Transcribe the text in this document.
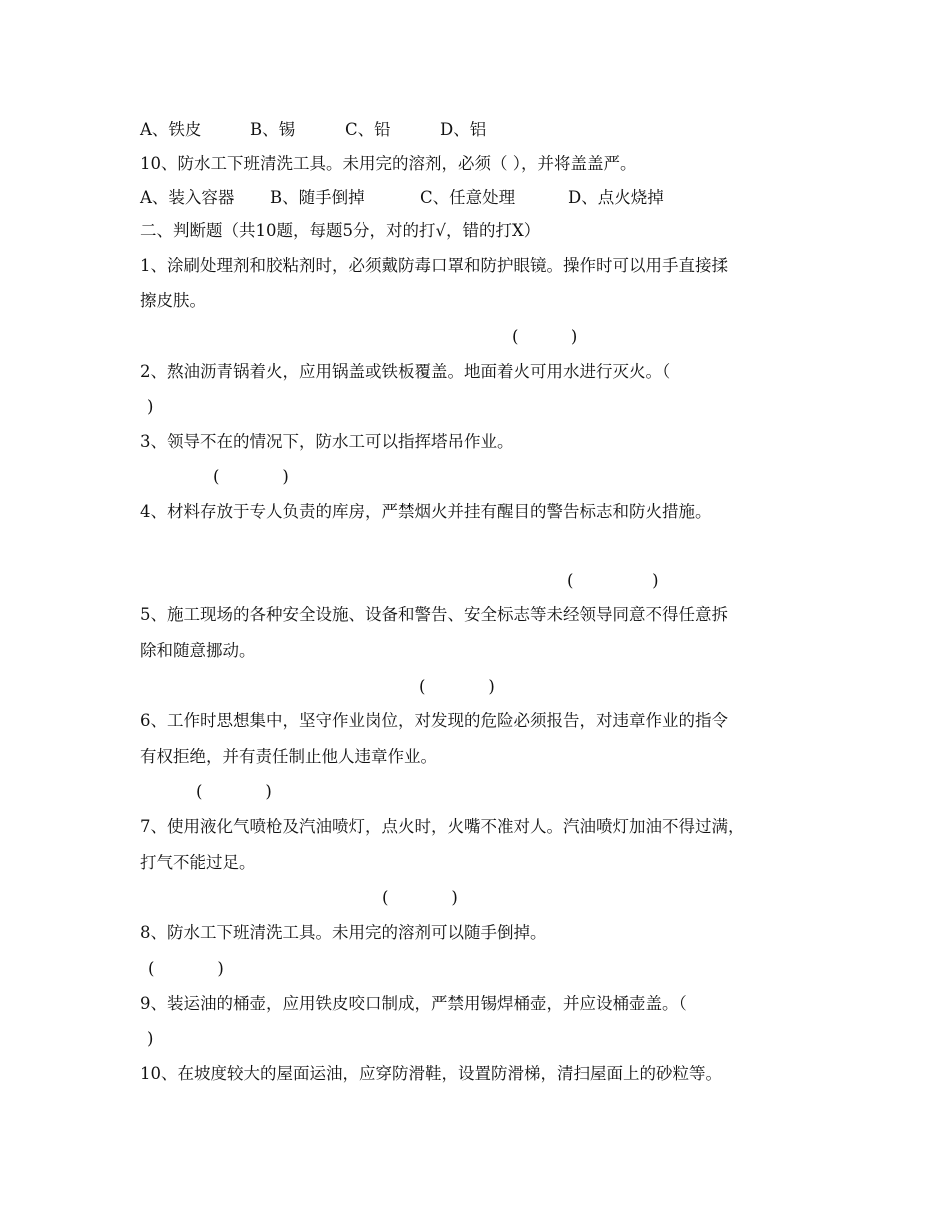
A、铁皮	B、锡	C、铅	D、铝
10、防水工下班清洗工具。未用完的溶剂，必须（ ），并将盖盖严。
A、装入容器 B、随手倒掉	C、任意处理	D、点火烧掉
二、判断题（共10题，每题5分，对的打√，错的打X）
1、涂刷处理剂和胶粘剂时，必须戴防毒口罩和防护眼镜。操作时可以用手直接揉
擦皮肤。
(          )
2、熬油沥青锅着火，应用锅盖或铁板覆盖。地面着火可用水进行灭火。（
)
3、领导不在的情况下，防水工可以指挥塔吊作业。
(            )
4、材料存放于专人负责的库房，严禁烟火并挂有醒目的警告标志和防火措施。
(               )
5、施工现场的各种安全设施、设备和警告、安全标志等未经领导同意不得任意拆
除和随意挪动。
(            )
6、工作时思想集中，坚守作业岗位，对发现的危险必须报告，对违章作业的指令
有权拒绝，并有责任制止他人违章作业。
(            )
7、使用液化气喷枪及汽油喷灯，点火时，火嘴不准对人。汽油喷灯加油不得过满，
打气不能过足。
(            )
8、防水工下班清洗工具。未用完的溶剂可以随手倒掉。
(            )
9、装运油的桶壶，应用铁皮咬口制成，严禁用锡焊桶壶，并应设桶壶盖。（
)
10、在坡度较大的屋面运油，应穿防滑鞋，设置防滑梯，清扫屋面上的砂粒等。
